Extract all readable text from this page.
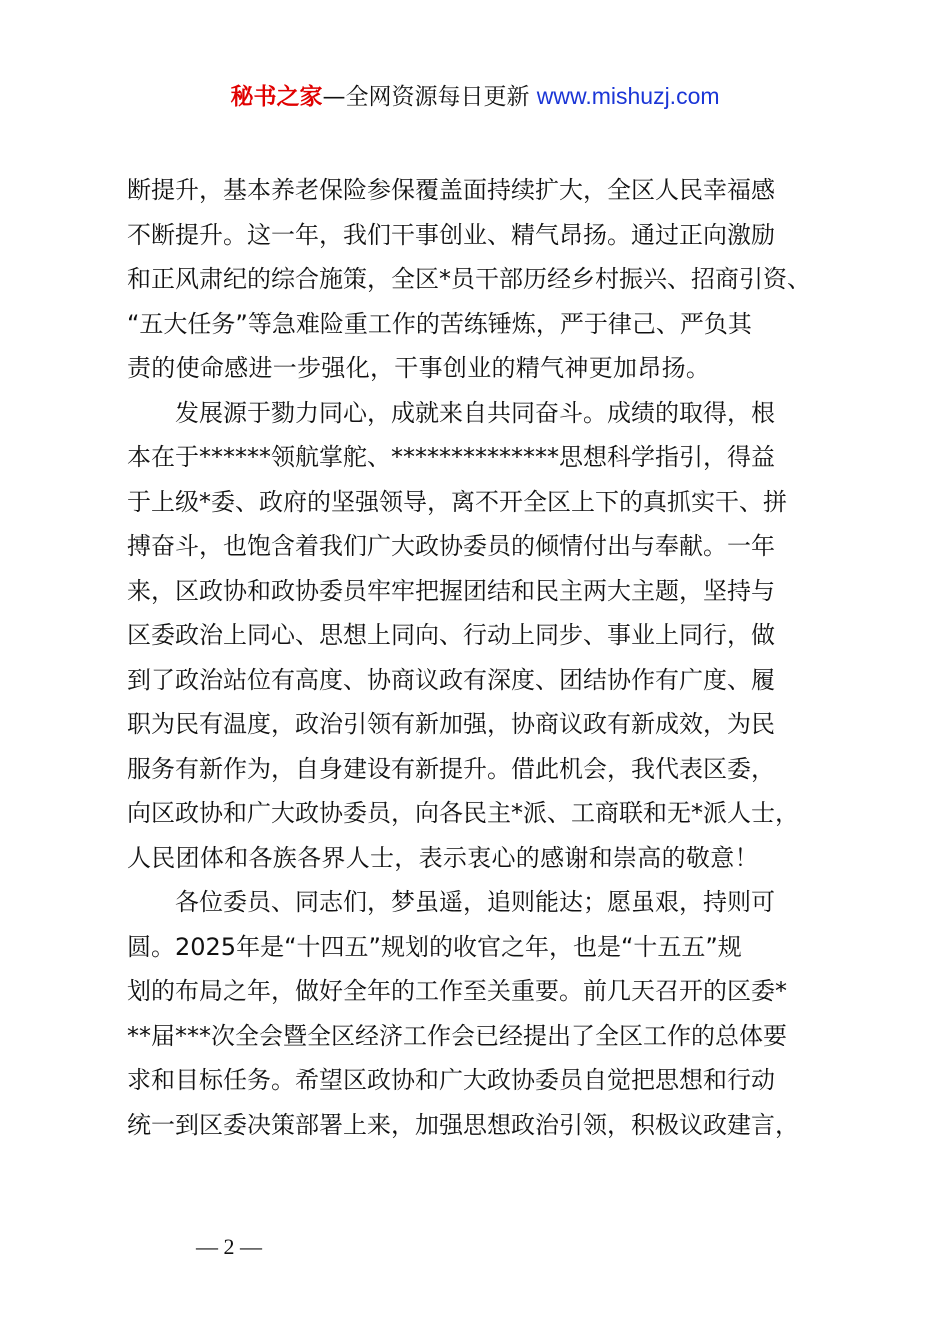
秘书之家—全网资源每日更新 www.mishuzj.com
断提升，基本养老保险参保覆盖面持续扩大，全区人民幸福感
不断提升。这一年，我们干事创业、精气昂扬。通过正向激励
和正风肃纪的综合施策，全区*员干部历经乡村振兴、招商引资、
“五大任务”等急难险重工作的苦练锤炼，严于律己、严负其
责的使命感进一步强化，干事创业的精气神更加昂扬。
发展源于勠力同心，成就来自共同奋斗。成绩的取得，根
本在于******领航掌舵、**************思想科学指引，得益
于上级*委、政府的坚强领导，离不开全区上下的真抓实干、拼
搏奋斗，也饱含着我们广大政协委员的倾情付出与奉献。一年
来，区政协和政协委员牢牢把握团结和民主两大主题，坚持与
区委政治上同心、思想上同向、行动上同步、事业上同行，做
到了政治站位有高度、协商议政有深度、团结协作有广度、履
职为民有温度，政治引领有新加强，协商议政有新成效，为民
服务有新作为，自身建设有新提升。借此机会，我代表区委，
向区政协和广大政协委员，向各民主*派、工商联和无*派人士，
人民团体和各族各界人士，表示衷心的感谢和崇高的敬意！
各位委员、同志们，梦虽遥，追则能达；愿虽艰，持则可
圆。2025年是“十四五”规划的收官之年，也是“十五五”规
划的布局之年，做好全年的工作至关重要。前几天召开的区委*
**届***次全会暨全区经济工作会已经提出了全区工作的总体要
求和目标任务。希望区政协和广大政协委员自觉把思想和行动
统一到区委决策部署上来，加强思想政治引领，积极议政建言，
— 2 —
